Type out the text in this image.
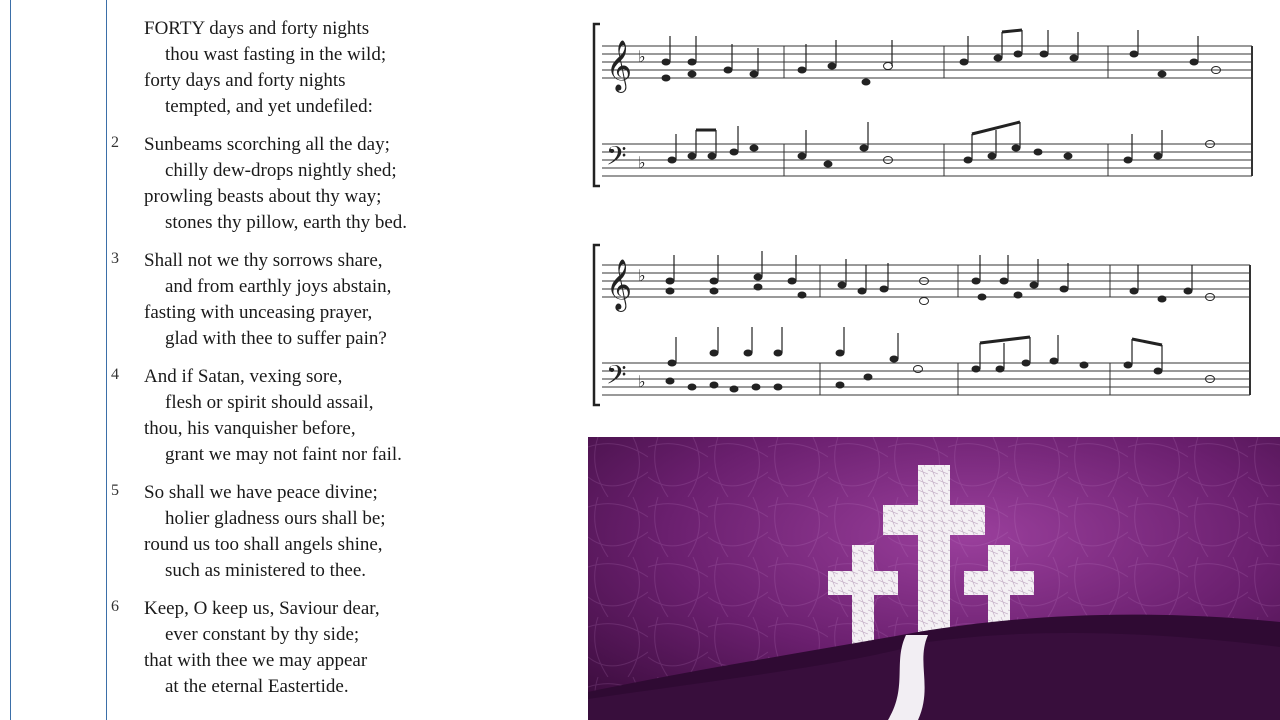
FORTY days and forty nights
thou wast fasting in the wild;
forty days and forty nights
tempted, and yet undefiled:
2	Sunbeams scorching all the day;
chilly dew-drops nightly shed;
prowling beasts about thy way;
stones thy pillow, earth thy bed.
3	Shall not we thy sorrows share,
and from earthly joys abstain,
fasting with unceasing prayer,
glad with thee to suffer pain?
4	And if Satan, vexing sore,
flesh or spirit should assail,
thou, his vanquisher before,
grant we may not faint nor fail.
5	So shall we have peace divine;
holier gladness ours shall be;
round us too shall angels shine,
such as ministered to thee.
6	Keep, O keep us, Saviour dear,
ever constant by thy side;
that with thee we may appear
at the eternal Eastertide.
𝄞
𝄢
♭
♭
𝄞
𝄢
♭
♭
